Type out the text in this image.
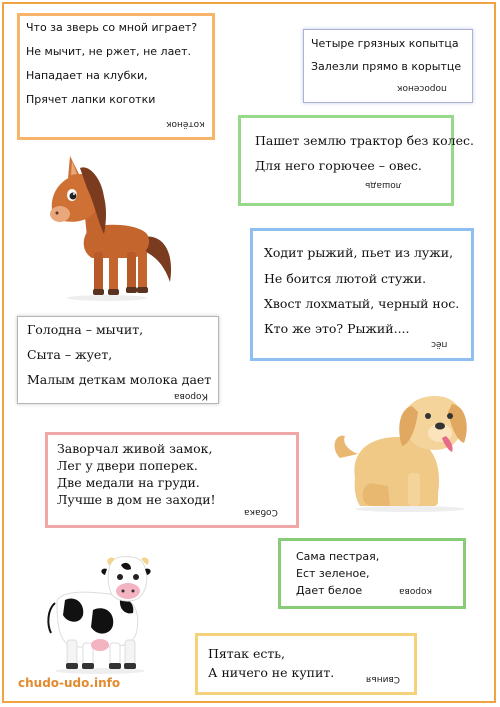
Что за зверь со мной играет?
Не мычит, не ржет, не лает.
Нападает на клубки,
Прячет лапки коготки
котёнок
Четыре грязных копытца
Залезли прямо в корытце
поросенок
Пашет землю трактор без колес.
Для него горючее – овес.
лошадь
Ходит рыжий, пьет из лужи,
Не боится лютой стужи.
Хвост лохматый, черный нос.
Кто же это? Рыжий....
пёс
Голодна – мычит,
Сыта – жует,
Малым деткам молока дает
Корова
Заворчал живой замок,
Лег у двери поперек.
Две медали на груди.
Лучше в дом не заходи!
Собака
Сама пестрая,
Ест зеленое,
Дает белое	корова
Пятак есть,
А ничего не купит.	Свинья
chudo-udo.info
